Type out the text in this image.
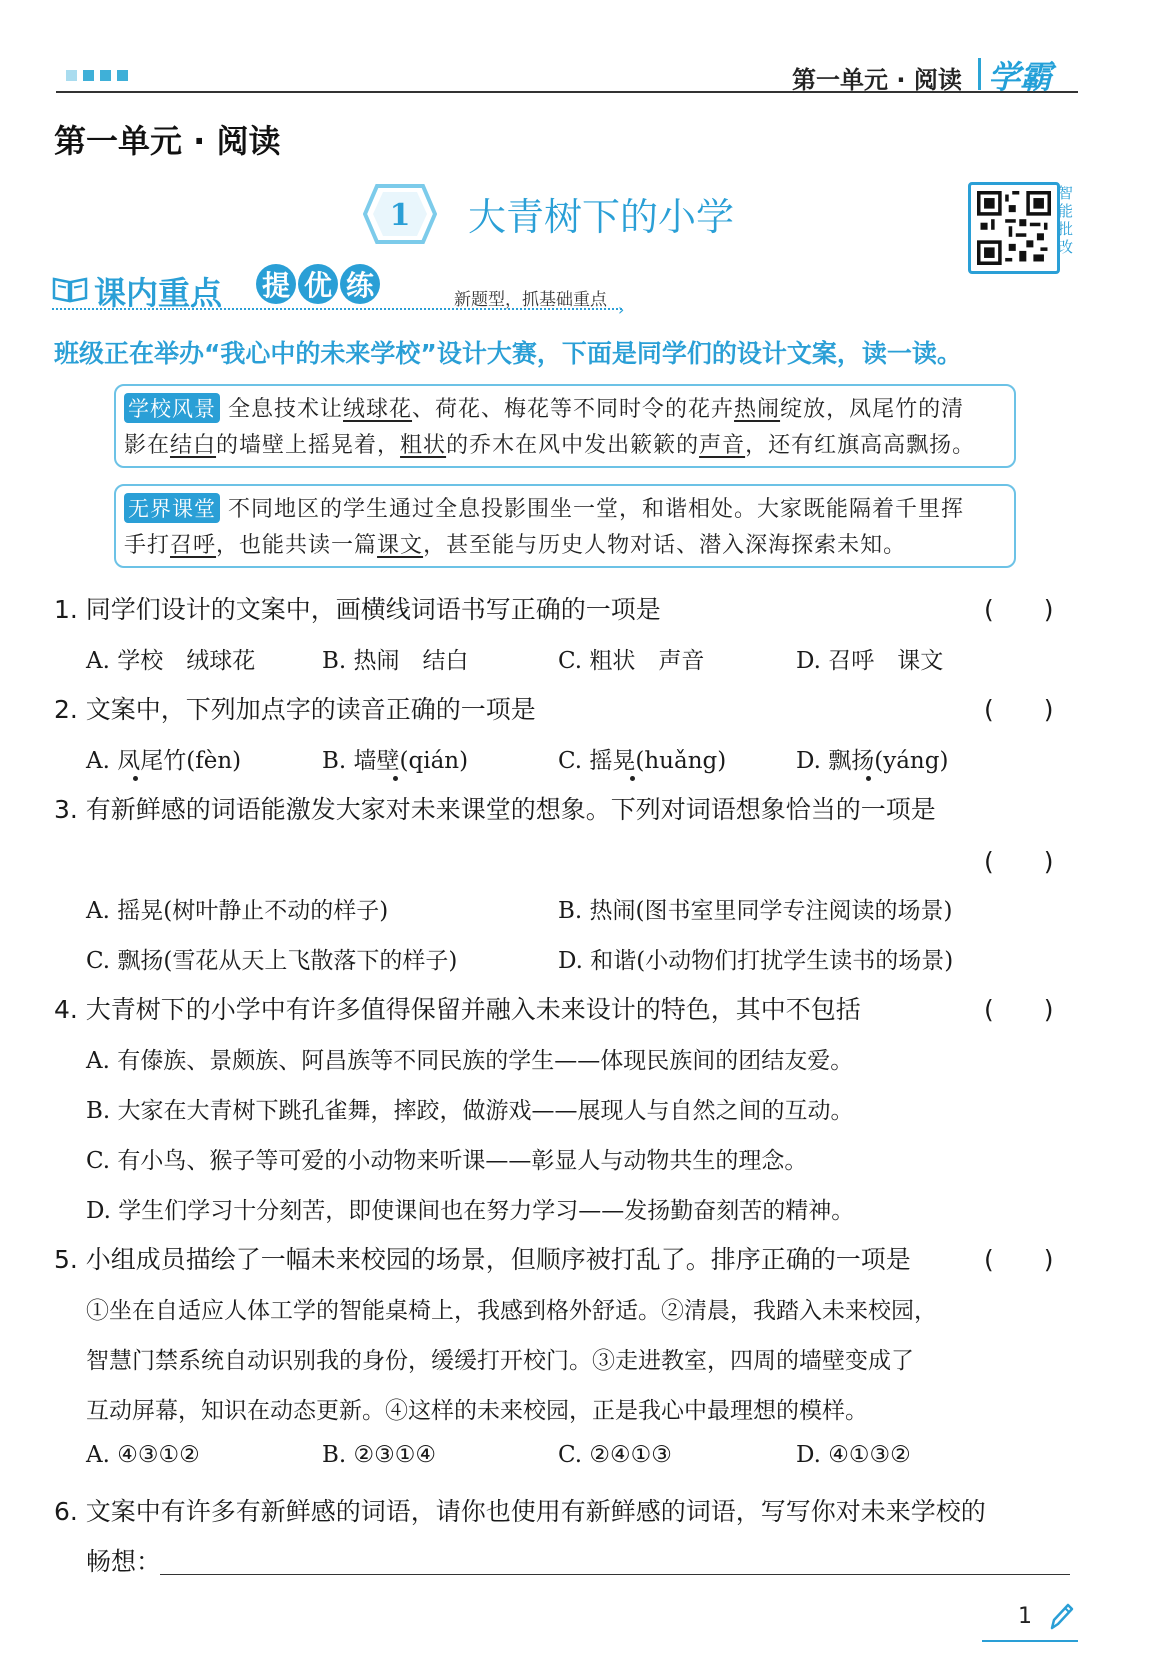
第一单元 · 阅读 学霸
第一单元 · 阅读
1 大青树下的小学
智能批改
课内重点 提 优 练	新题型，抓基础重点 ›
班级正在举办“我心中的未来学校”设计大赛，下面是同学们的设计文案，读一读。
学校风景 全息技术让绒球花、荷花、梅花等不同时令的花卉热闹绽放，凤尾竹的清
影在结白的墙壁上摇晃着，粗状的乔木在风中发出簌簌的声音，还有红旗高高飘扬。
无界课堂 不同地区的学生通过全息投影围坐一堂，和谐相处。大家既能隔着千里挥
手打召呼，也能共读一篇课文，甚至能与历史人物对话、潜入深海探索未知。
1. 同学们设计的文案中，画横线词语书写正确的一项是	(　　)
A. 学校　绒球花	B. 热闹　结白	C. 粗状　声音	D. 召呼　课文
2. 文案中，下列加点字的读音正确的一项是	(　　)
A. 凤尾竹(fèn)	B. 墙壁(qián)	C. 摇晃(huǎng)	D. 飘扬(yáng)
3. 有新鲜感的词语能激发大家对未来课堂的想象。下列对词语想象恰当的一项是
(　　)
A. 摇晃(树叶静止不动的样子)	B. 热闹(图书室里同学专注阅读的场景)
C. 飘扬(雪花从天上飞散落下的样子)	D. 和谐(小动物们打扰学生读书的场景)
4. 大青树下的小学中有许多值得保留并融入未来设计的特色，其中不包括	(　　)
A. 有傣族、景颇族、阿昌族等不同民族的学生——体现民族间的团结友爱。
B. 大家在大青树下跳孔雀舞，摔跤，做游戏——展现人与自然之间的互动。
C. 有小鸟、猴子等可爱的小动物来听课——彰显人与动物共生的理念。
D. 学生们学习十分刻苦，即使课间也在努力学习——发扬勤奋刻苦的精神。
5. 小组成员描绘了一幅未来校园的场景，但顺序被打乱了。排序正确的一项是	(　　)
①坐在自适应人体工学的智能桌椅上，我感到格外舒适。②清晨，我踏入未来校园，
智慧门禁系统自动识别我的身份，缓缓打开校门。③走进教室，四周的墙壁变成了
互动屏幕，知识在动态更新。④这样的未来校园，正是我心中最理想的模样。
A. ④③①②	B. ②③①④	C. ②④①③	D. ④①③②
6. 文案中有许多有新鲜感的词语，请你也使用有新鲜感的词语，写写你对未来学校的
畅想：
1
